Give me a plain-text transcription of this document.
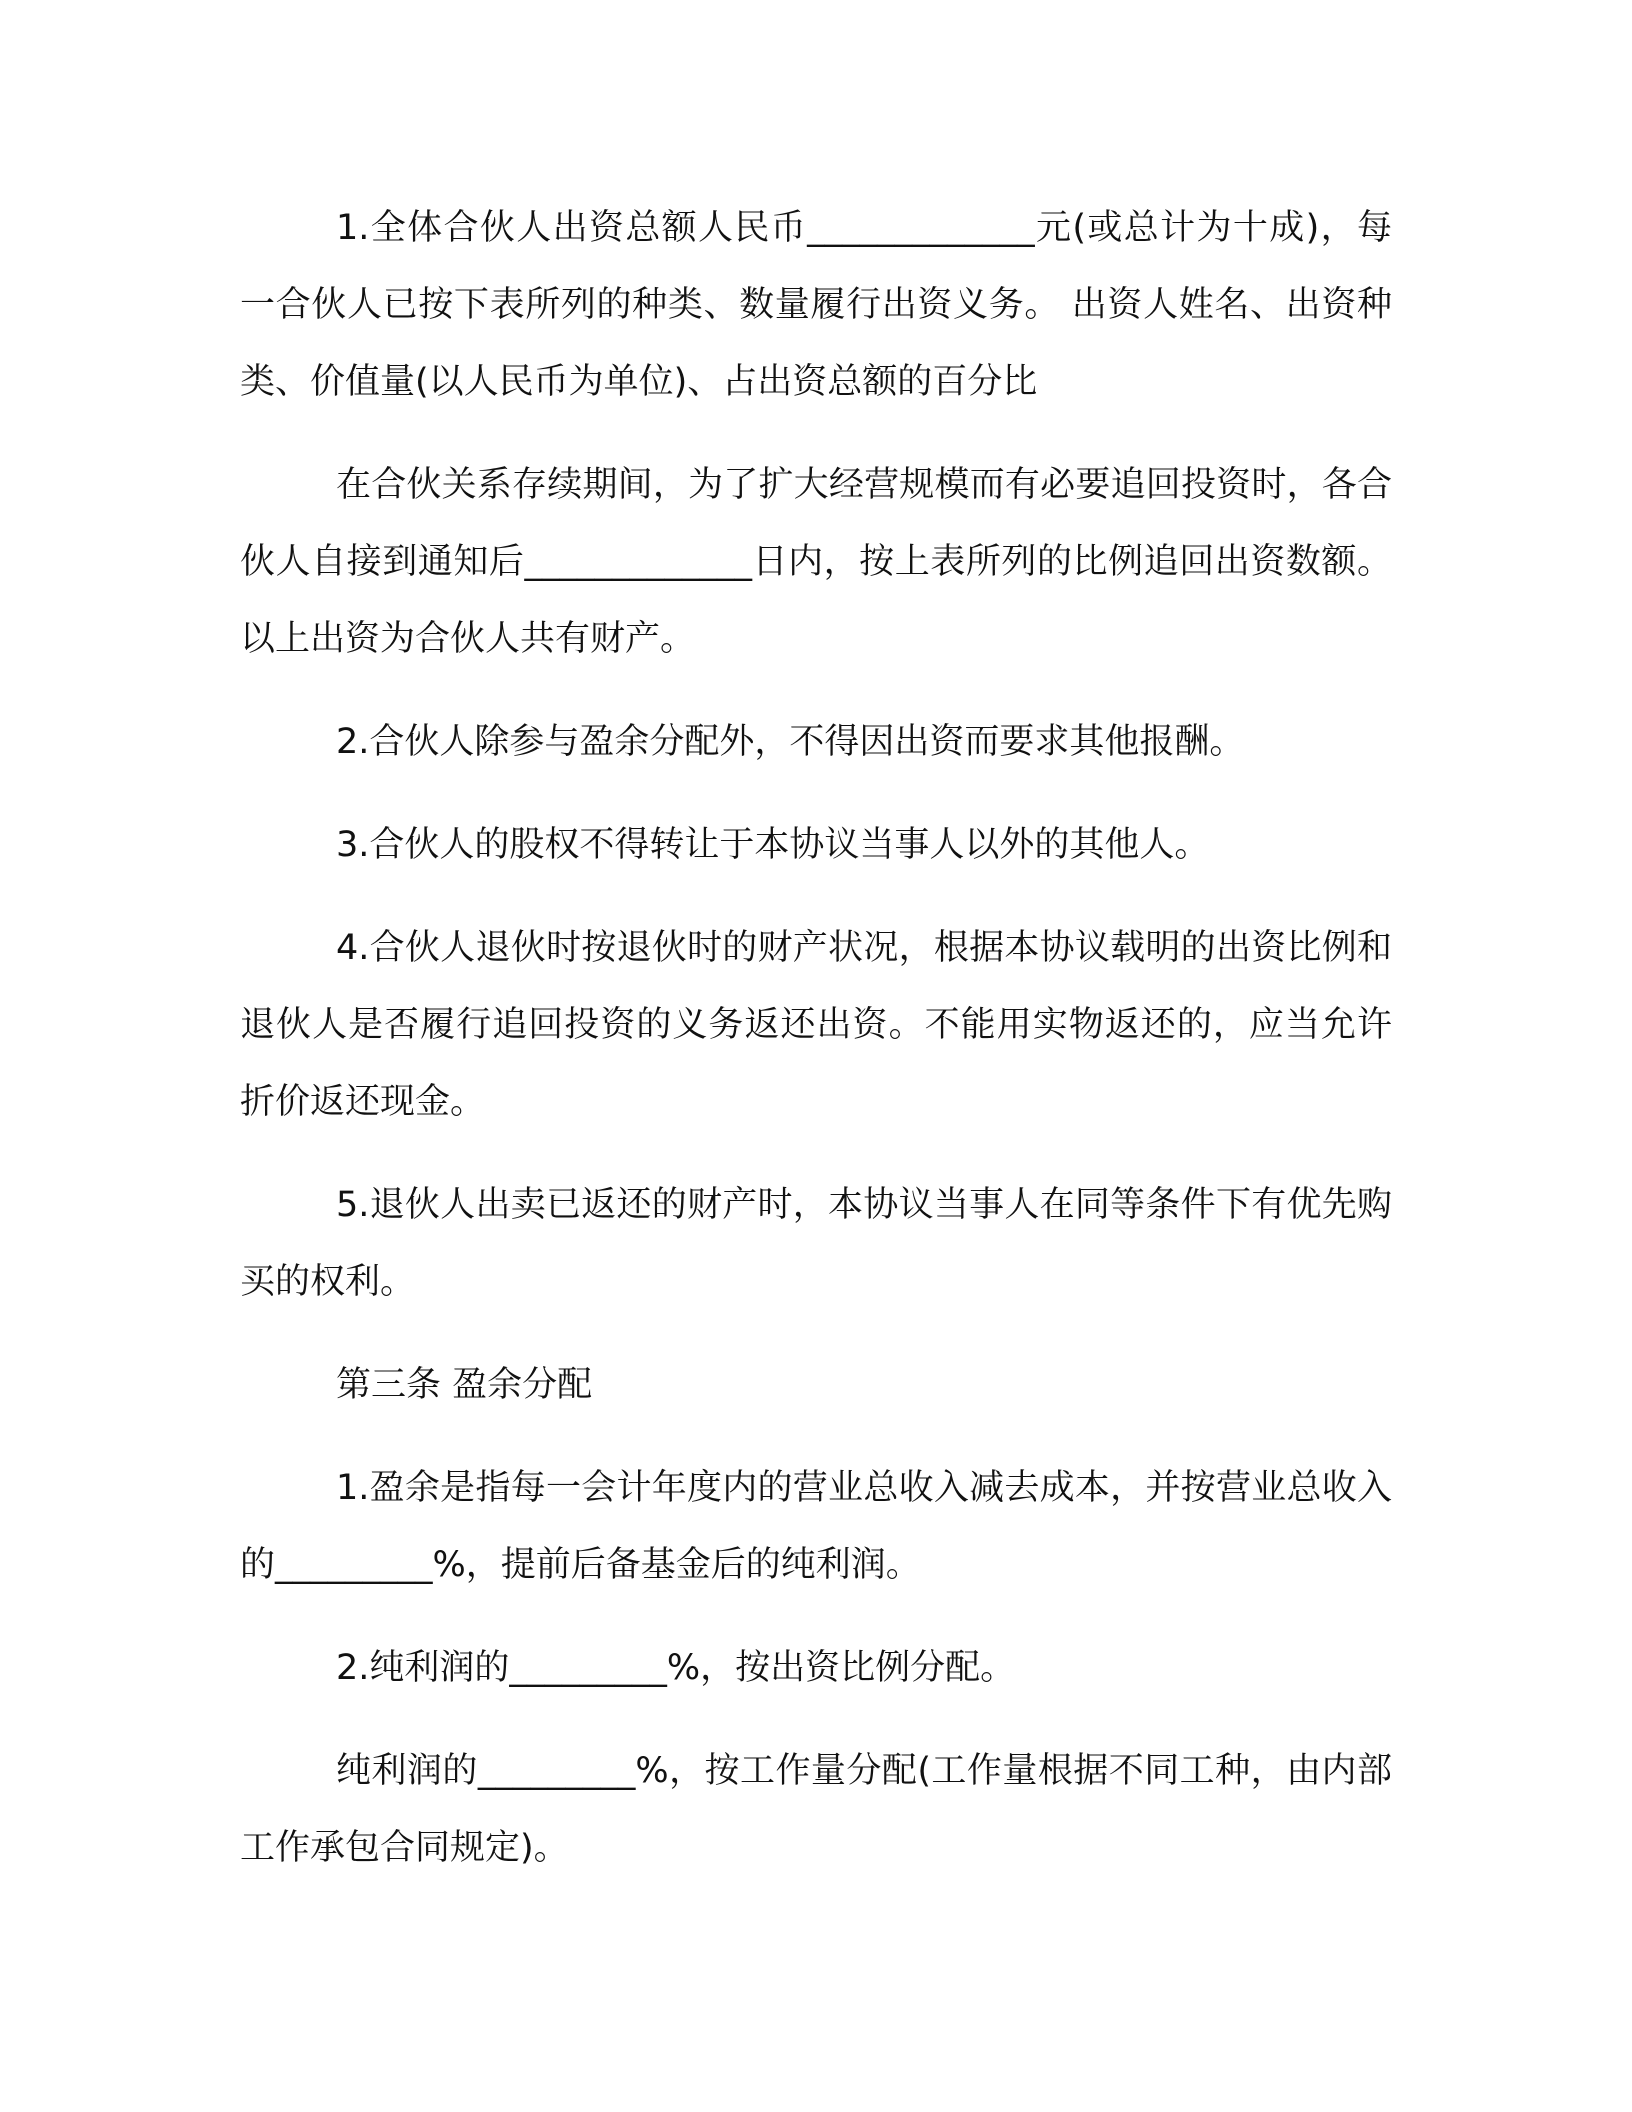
1.全体合伙人出资总额人民币_____________元(或总计为十成)，每一合伙人已按下表所列的种类、数量履行出资义务。 出资人姓名、出资种类、价值量(以人民币为单位)、占出资总额的百分比

在合伙关系存续期间，为了扩大经营规模而有必要追回投资时，各合伙人自接到通知后_____________日内，按上表所列的比例追回出资数额。以上出资为合伙人共有财产。

2.合伙人除参与盈余分配外，不得因出资而要求其他报酬。

3.合伙人的股权不得转让于本协议当事人以外的其他人。

4.合伙人退伙时按退伙时的财产状况，根据本协议载明的出资比例和退伙人是否履行追回投资的义务返还出资。不能用实物返还的，应当允许折价返还现金。

5.退伙人出卖已返还的财产时，本协议当事人在同等条件下有优先购买的权利。

第三条 盈余分配

1.盈余是指每一会计年度内的营业总收入减去成本，并按营业总收入的_________%，提前后备基金后的纯利润。

2.纯利润的_________%，按出资比例分配。

纯利润的_________%，按工作量分配(工作量根据不同工种，由内部工作承包合同规定)。
